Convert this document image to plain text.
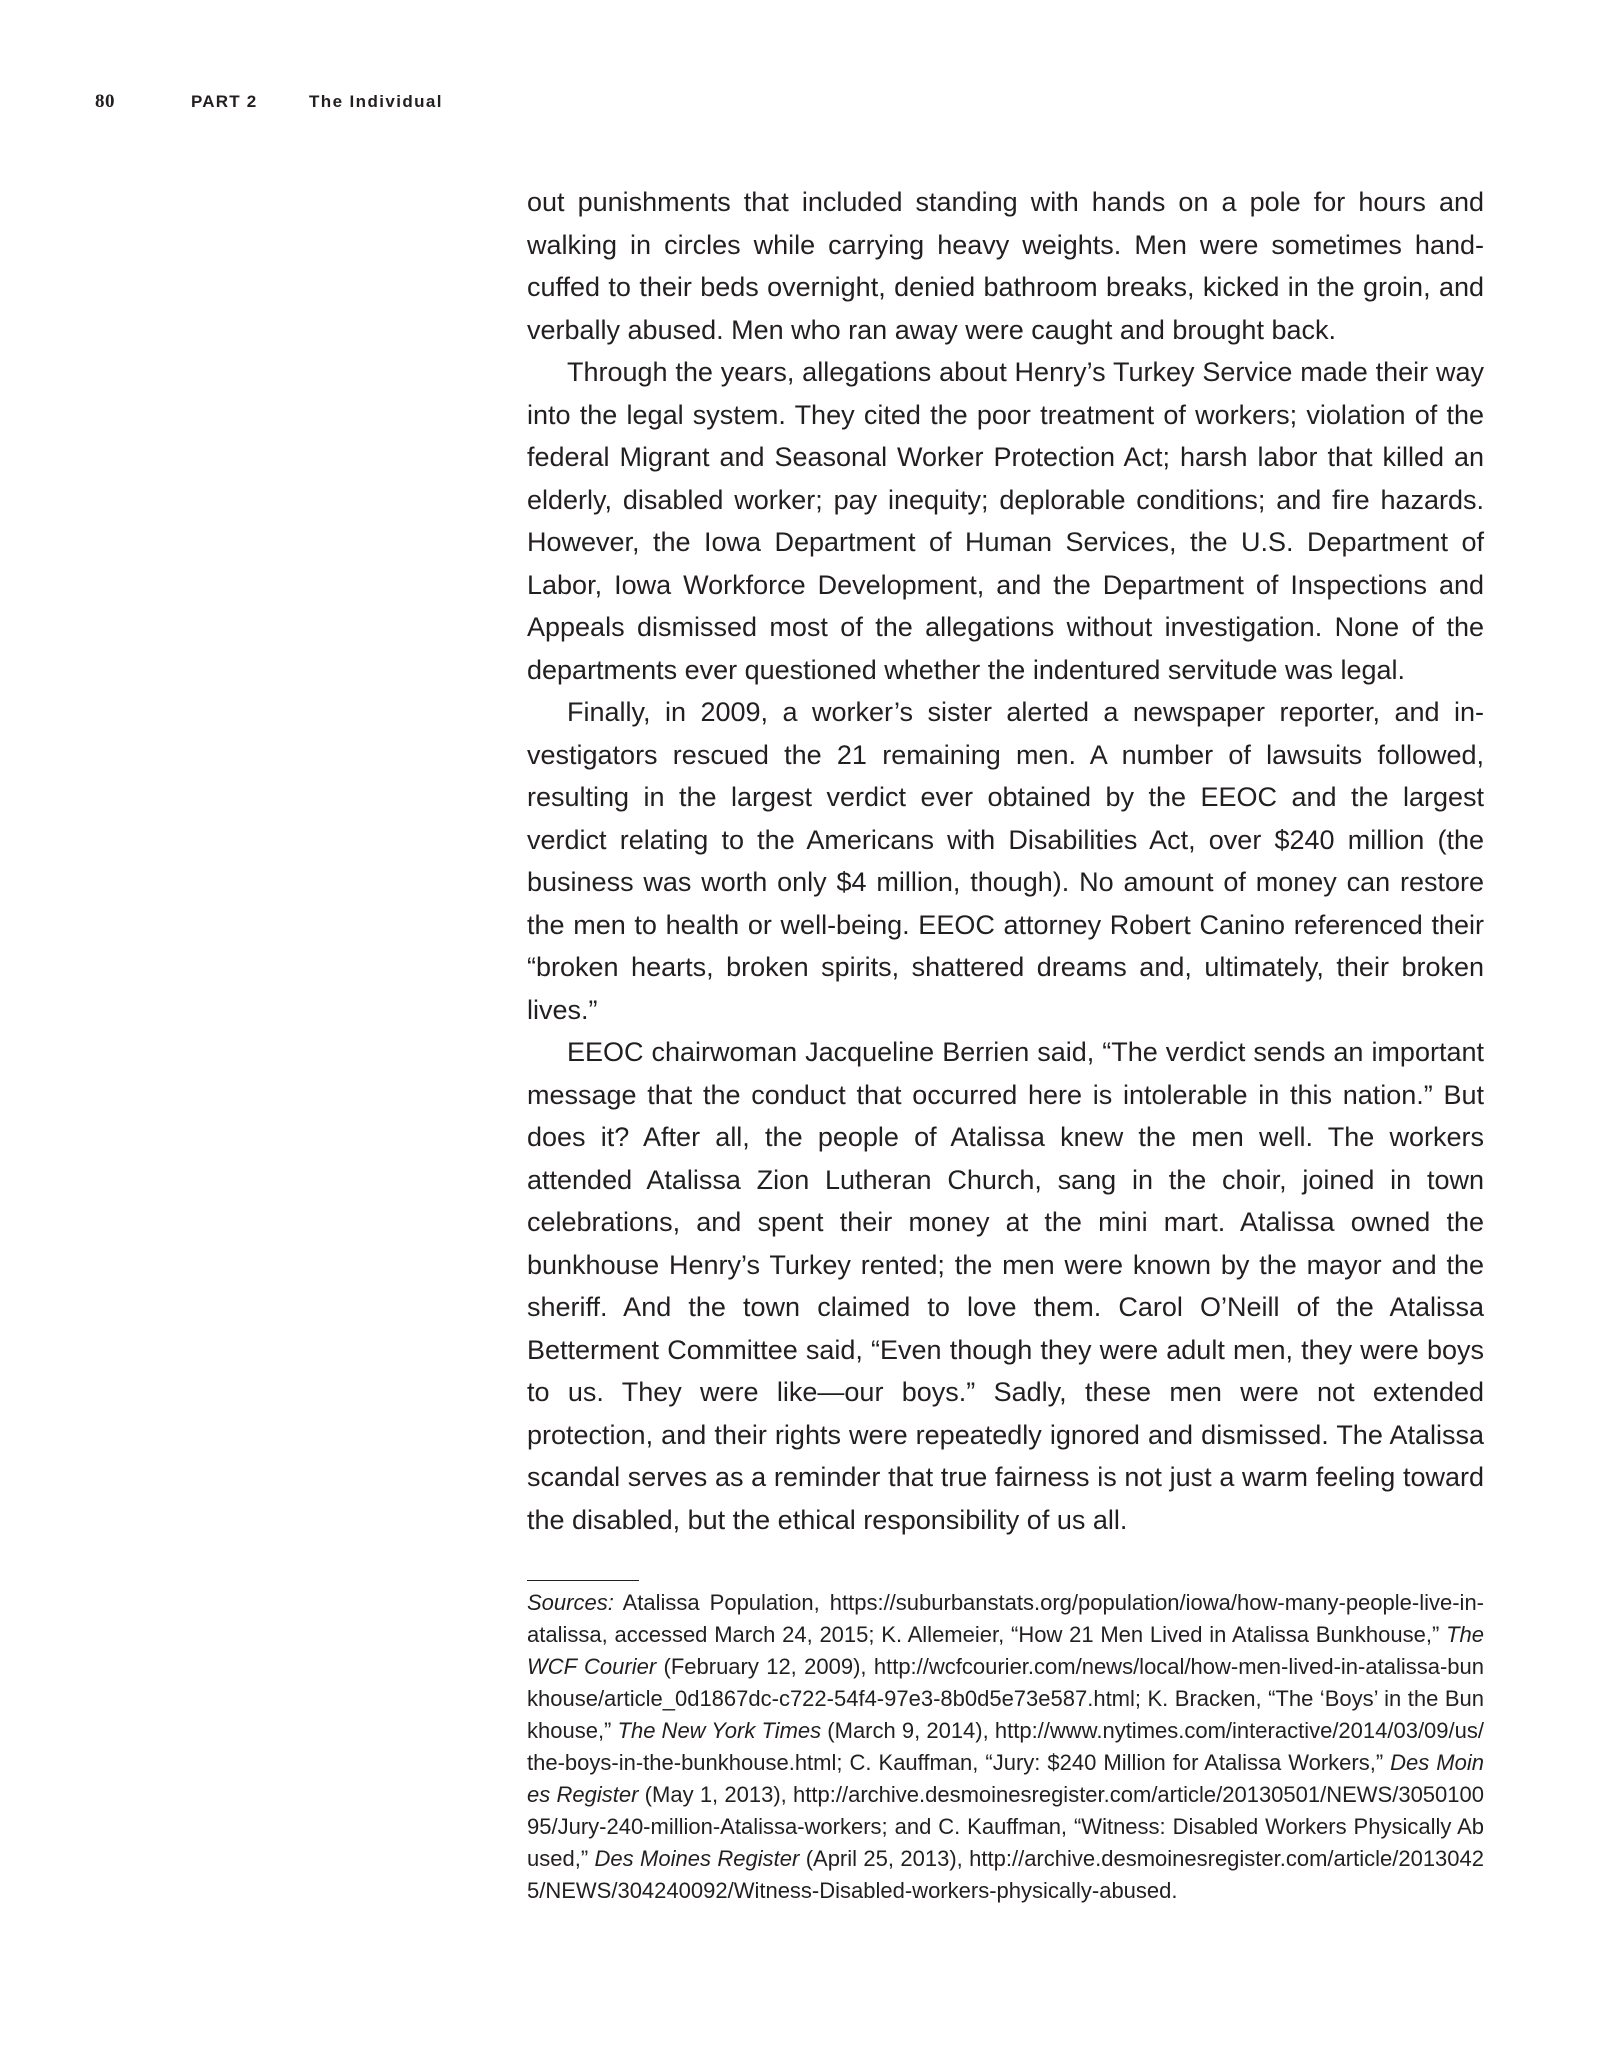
80	PART 2	The Individual

out punishments that included standing with hands on a pole for hours and walking in circles while carrying heavy weights. Men were sometimes handcuffed to their beds overnight, denied bathroom breaks, kicked in the groin, and verbally abused. Men who ran away were caught and brought back.

Through the years, allegations about Henry’s Turkey Service made their way into the legal system. They cited the poor treatment of workers; violation of the federal Migrant and Seasonal Worker Protection Act; harsh labor that killed an elderly, disabled worker; pay inequity; deplorable conditions; and fire hazards. However, the Iowa Department of Human Services, the U.S. Department of Labor, Iowa Workforce Development, and the Department of Inspections and Appeals dismissed most of the allegations without investigation. None of the departments ever questioned whether the indentured servitude was legal.

Finally, in 2009, a worker’s sister alerted a newspaper reporter, and investigators rescued the 21 remaining men. A number of lawsuits followed, resulting in the largest verdict ever obtained by the EEOC and the largest verdict relating to the Americans with Disabilities Act, over $240 million (the business was worth only $4 million, though). No amount of money can restore the men to health or well-being. EEOC attorney Robert Canino referenced their “broken hearts, broken spirits, shattered dreams and, ultimately, their broken lives.”

EEOC chairwoman Jacqueline Berrien said, “The verdict sends an important message that the conduct that occurred here is intolerable in this nation.” But does it? After all, the people of Atalissa knew the men well. The workers attended Atalissa Zion Lutheran Church, sang in the choir, joined in town celebrations, and spent their money at the mini mart. Atalissa owned the bunkhouse Henry’s Turkey rented; the men were known by the mayor and the sheriff. And the town claimed to love them. Carol O’Neill of the Atalissa Betterment Committee said, “Even though they were adult men, they were boys to us. They were like—our boys.” Sadly, these men were not extended protection, and their rights were repeatedly ignored and dismissed. The Atalissa scandal serves as a reminder that true fairness is not just a warm feeling toward the disabled, but the ethical responsibility of us all.

Sources: Atalissa Population, https://suburbanstats.org/population/iowa/how-many-people-live-in-atalissa, accessed March 24, 2015; K. Allemeier, “How 21 Men Lived in Atalissa Bunkhouse,” The WCF Courier (February 12, 2009), http://wcfcourier.com/news/local/how-men-lived-in-atalissa-bunkhouse/article_0d1867dc-c722-54f4-97e3-8b0d5e73e587.html; K. Bracken, “The ‘Boys’ in the Bunkhouse,” The New York Times (March 9, 2014), http://www.nytimes.com/interactive/2014/03/09/us/the-boys-in-the-bunkhouse.html; C. Kauffman, “Jury: $240 Million for Atalissa Workers,” Des Moines Register (May 1, 2013), http://archive.desmoinesregister.com/article/20130501/NEWS/305010095/Jury-240-million-Atalissa-workers; and C. Kauffman, “Witness: Disabled Workers Physically Abused,” Des Moines Register (April 25, 2013), http://archive.desmoinesregister.com/article/20130425/NEWS/304240092/Witness-Disabled-workers-physically-abused.
